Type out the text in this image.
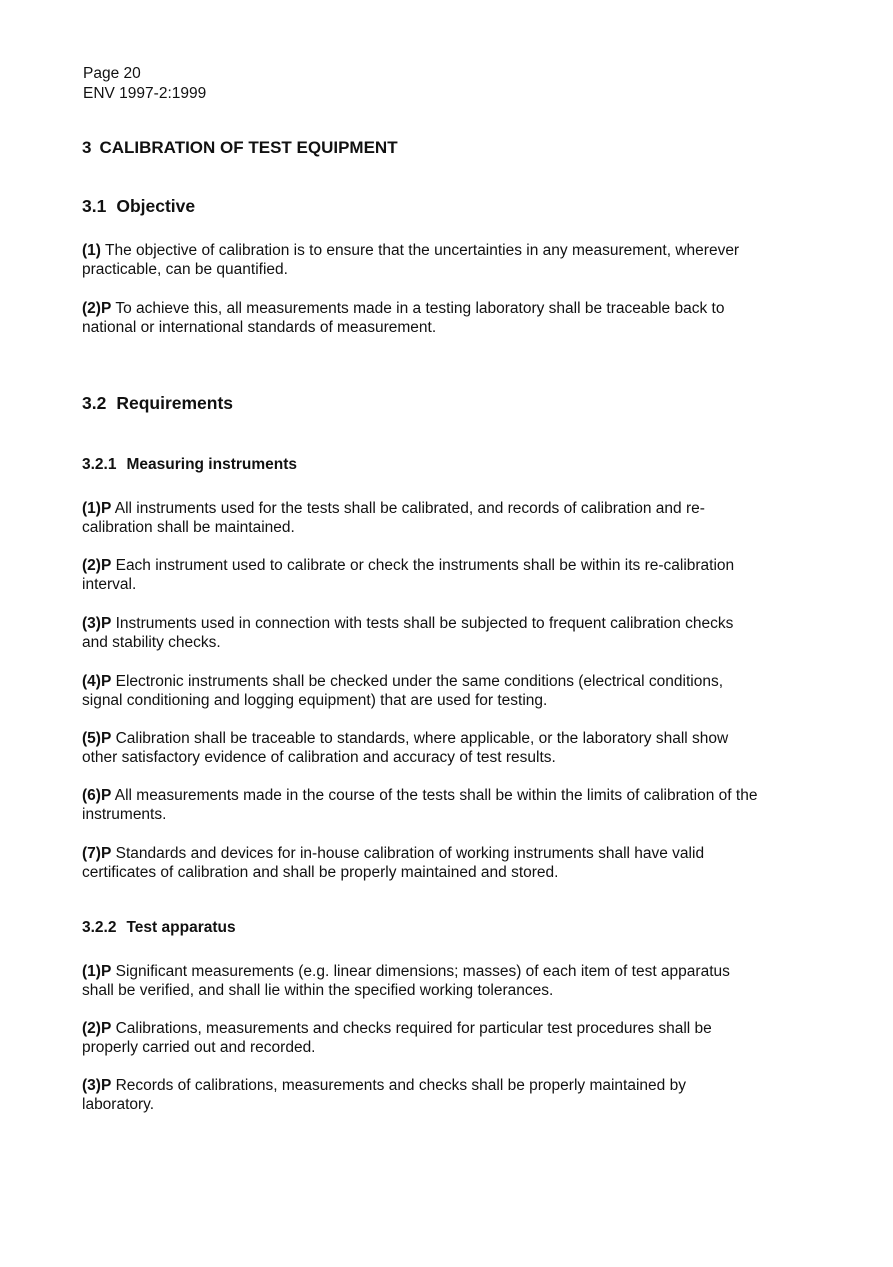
Page 20
ENV 1997-2:1999
3 CALIBRATION OF TEST EQUIPMENT
3.1 Objective
(1) The objective of calibration is to ensure that the uncertainties in any measurement, wherever practicable, can be quantified.
(2)P To achieve this, all measurements made in a testing laboratory shall be traceable back to national or international standards of measurement.
3.2 Requirements
3.2.1 Measuring instruments
(1)P All instruments used for the tests shall be calibrated, and records of calibration and re-calibration shall be maintained.
(2)P Each instrument used to calibrate or check the instruments shall be within its re-calibration interval.
(3)P Instruments used in connection with tests shall be subjected to frequent calibration checks and stability checks.
(4)P Electronic instruments shall be checked under the same conditions (electrical conditions, signal conditioning and logging equipment) that are used for testing.
(5)P Calibration shall be traceable to standards, where applicable, or the laboratory shall show other satisfactory evidence of calibration and accuracy of test results.
(6)P All measurements made in the course of the tests shall be within the limits of calibration of the instruments.
(7)P Standards and devices for in-house calibration of working instruments shall have valid certificates of calibration and shall be properly maintained and stored.
3.2.2 Test apparatus
(1)P Significant measurements (e.g. linear dimensions; masses) of each item of test apparatus shall be verified, and shall lie within the specified working tolerances.
(2)P Calibrations, measurements and checks required for particular test procedures shall be properly carried out and recorded.
(3)P Records of calibrations, measurements and checks shall be properly maintained by laboratory.
